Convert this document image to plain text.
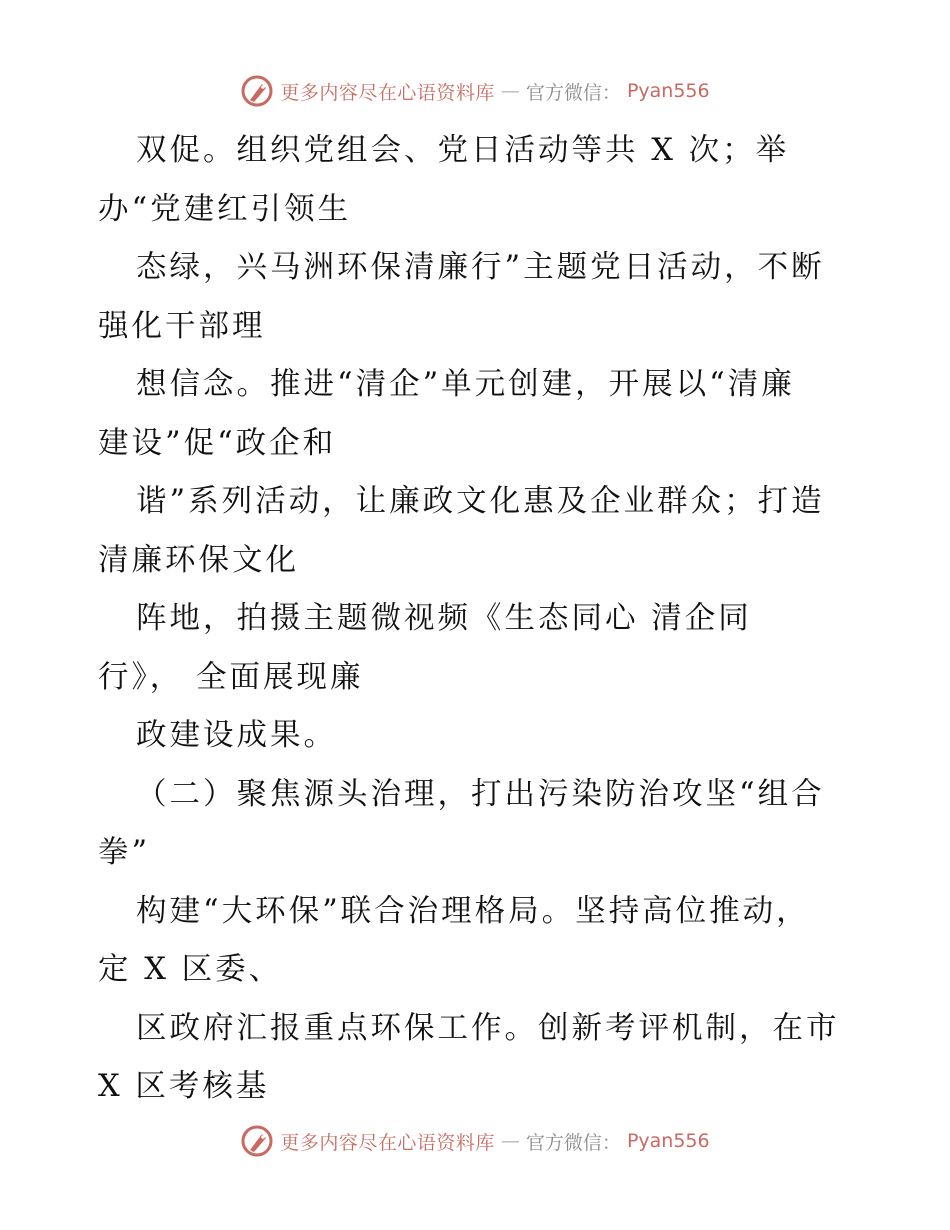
更多内容尽在心语资料库 — 官方微信： Pyan556
双促。组织党组会、党日活动等共 X 次；举
办“党建红引领生
态绿，兴马洲环保清廉行”主题党日活动，不断
强化干部理
想信念。推进“清企”单元创建，开展以“清廉
建设”促“政企和
谐”系列活动，让廉政文化惠及企业群众；打造
清廉环保文化
阵地，拍摄主题微视频《生态同心 清企同
行》， 全面展现廉
政建设成果。
（二）聚焦源头治理，打出污染防治攻坚“组合
拳”
构建“大环保”联合治理格局。坚持高位推动，
定 X 区委、
区政府汇报重点环保工作。创新考评机制，在市
X 区考核基
更多内容尽在心语资料库 — 官方微信： Pyan556
